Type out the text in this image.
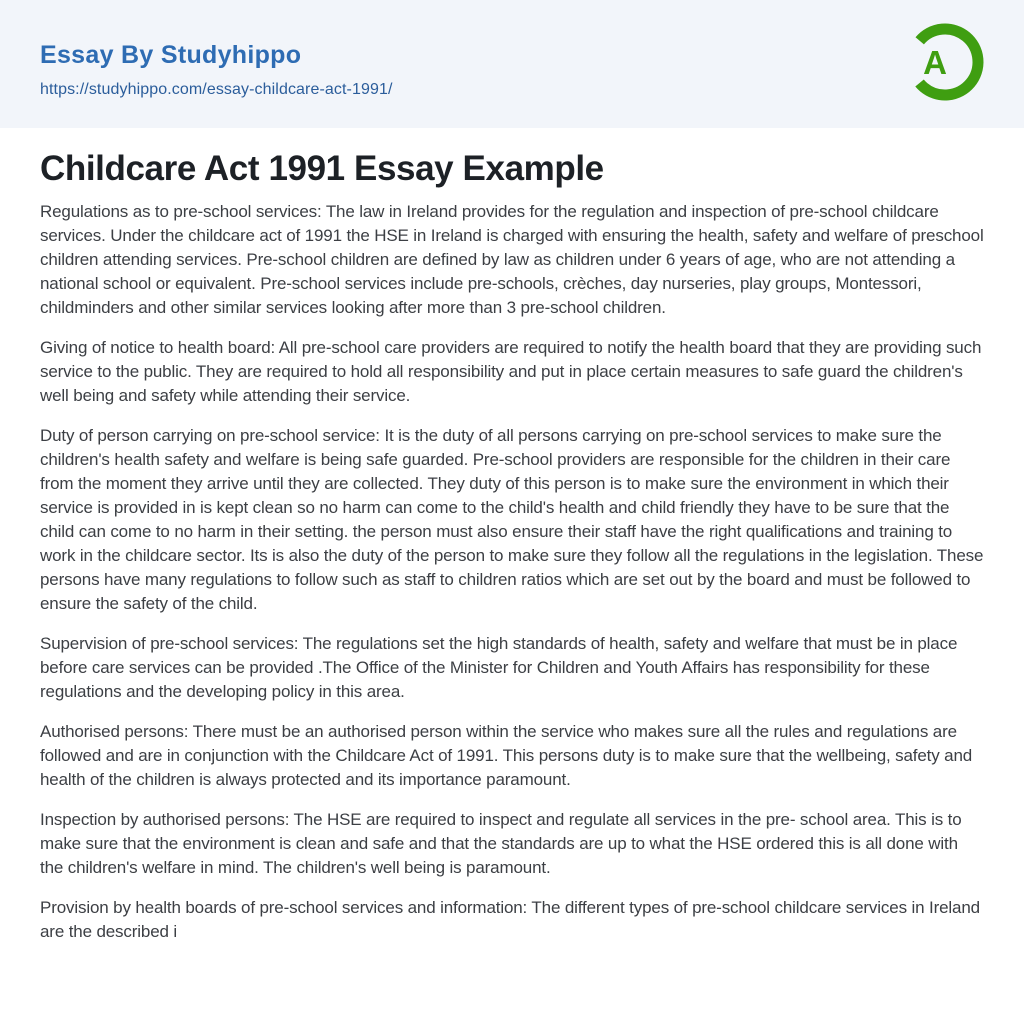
Essay By Studyhippo
https://studyhippo.com/essay-childcare-act-1991/
A
Childcare Act 1991 Essay Example

Regulations as to pre-school services: The law in Ireland provides for the regulation and inspection of pre-school childcare services. Under the childcare act of 1991 the HSE in Ireland is charged with ensuring the health, safety and welfare of preschool children attending services. Pre-school children are defined by law as children under 6 years of age, who are not attending a national school or equivalent. Pre-school services include pre-schools, crèches, day nurseries, play groups, Montessori, childminders and other similar services looking after more than 3 pre-school children.

Giving of notice to health board: All pre-school care providers are required to notify the health board that they are providing such service to the public. They are required to hold all responsibility and put in place certain measures to safe guard the children's well being and safety while attending their service.

Duty of person carrying on pre-school service: It is the duty of all persons carrying on pre-school services to make sure the children's health safety and welfare is being safe guarded. Pre-school providers are responsible for the children in their care from the moment they arrive until they are collected. They duty of this person is to make sure the environment in which their service is provided in is kept clean so no harm can come to the child's health and child friendly they have to be sure that the child can come to no harm in their setting. the person must also ensure their staff have the right qualifications and training to work in the childcare sector. Its is also the duty of the person to make sure they follow all the regulations in the legislation. These persons have many regulations to follow such as staff to children ratios which are set out by the board and must be followed to ensure the safety of the child.

Supervision of pre-school services: The regulations set the high standards of health, safety and welfare that must be in place before care services can be provided .The Office of the Minister for Children and Youth Affairs has responsibility for these regulations and the developing policy in this area.

Authorised persons: There must be an authorised person within the service who makes sure all the rules and regulations are followed and are in conjunction with the Childcare Act of 1991. This persons duty is to make sure that the wellbeing, safety and health of the children is always protected and its importance paramount.

Inspection by authorised persons: The HSE are required to inspect and regulate all services in the pre- school area. This is to make sure that the environment is clean and safe and that the standards are up to what the HSE ordered this is all done with the children's welfare in mind. The children's well being is paramount.

Provision by health boards of pre-school services and information: The different types of pre-school childcare services in Ireland are the described i
